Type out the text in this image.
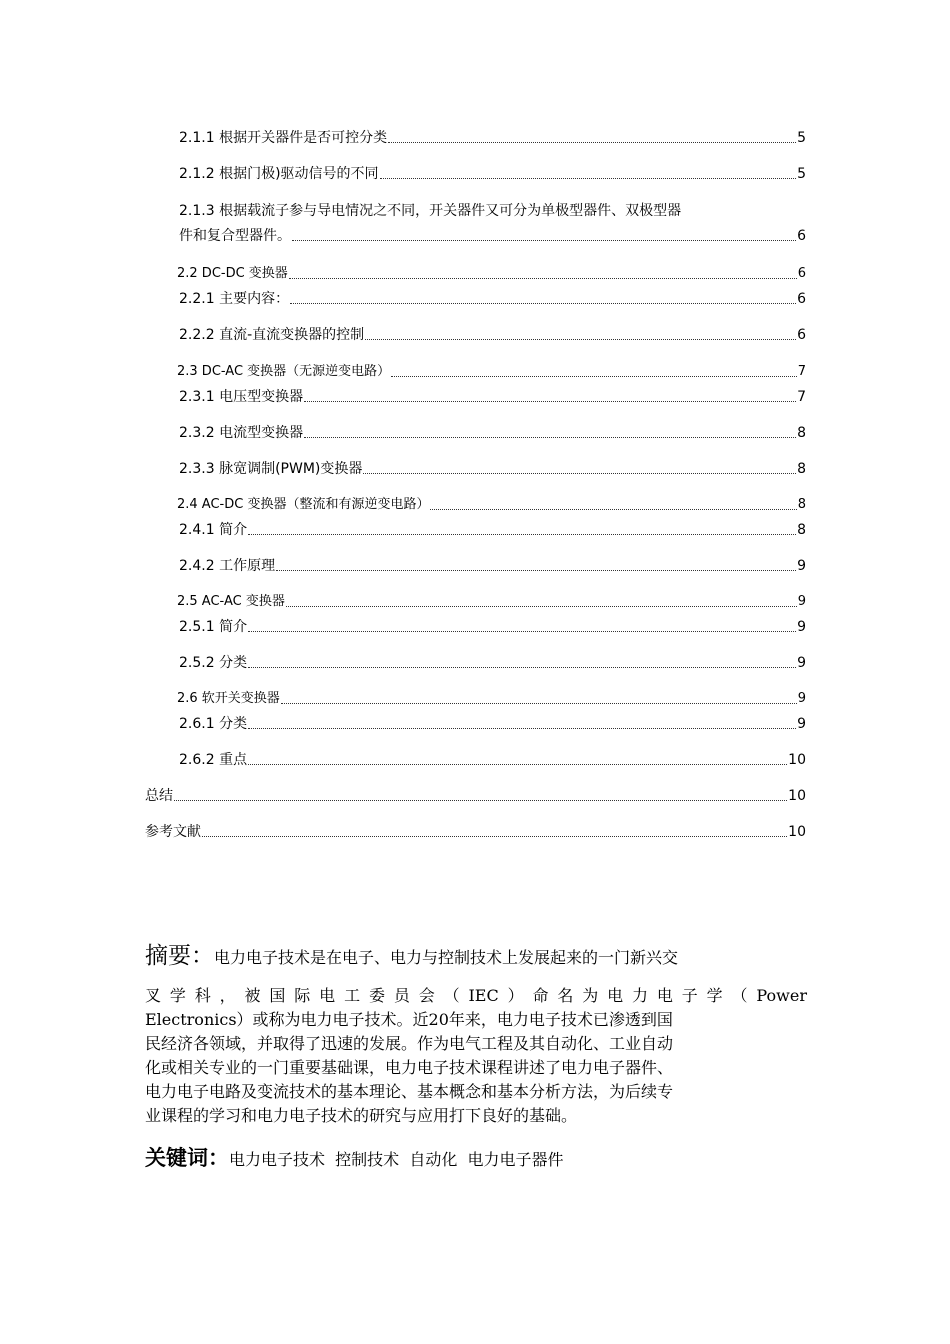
2.1.1 根据开关器件是否可控分类	5
2.1.2 根据门极)驱动信号的不同	5
2.1.3 根据载流子参与导电情况之不同，开关器件又可分为单极型器件、双极型器
件和复合型器件。	6
2.2 DC-DC 变换器	6
2.2.1 主要内容：	6
2.2.2 直流-直流变换器的控制	6
2.3 DC-AC 变换器（无源逆变电路）	7
2.3.1 电压型变换器	7
2.3.2 电流型变换器	8
2.3.3 脉宽调制(PWM)变换器	8
2.4 AC-DC 变换器（整流和有源逆变电路）	8
2.4.1 简介	8
2.4.2 工作原理	9
2.5 AC-AC 变换器	9
2.5.1 简介	9
2.5.2 分类	9
2.6 软开关变换器	9
2.6.1 分类	9
2.6.2 重点	10
总结	10
参考文献	10
摘要：电力电子技术是在电子、电力与控制技术上发展起来的一门新兴交
叉学科，被国际电工委员会（IEC）命名为电力电子学（Power
Electronics）或称为电力电子技术。近20年来，电力电子技术已渗透到国
民经济各领域，并取得了迅速的发展。作为电气工程及其自动化、工业自动
化或相关专业的一门重要基础课，电力电子技术课程讲述了电力电子器件、
电力电子电路及变流技术的基本理论、基本概念和基本分析方法，为后续专
业课程的学习和电力电子技术的研究与应用打下良好的基础。
关键词：电力电子技术  控制技术  自动化  电力电子器件
